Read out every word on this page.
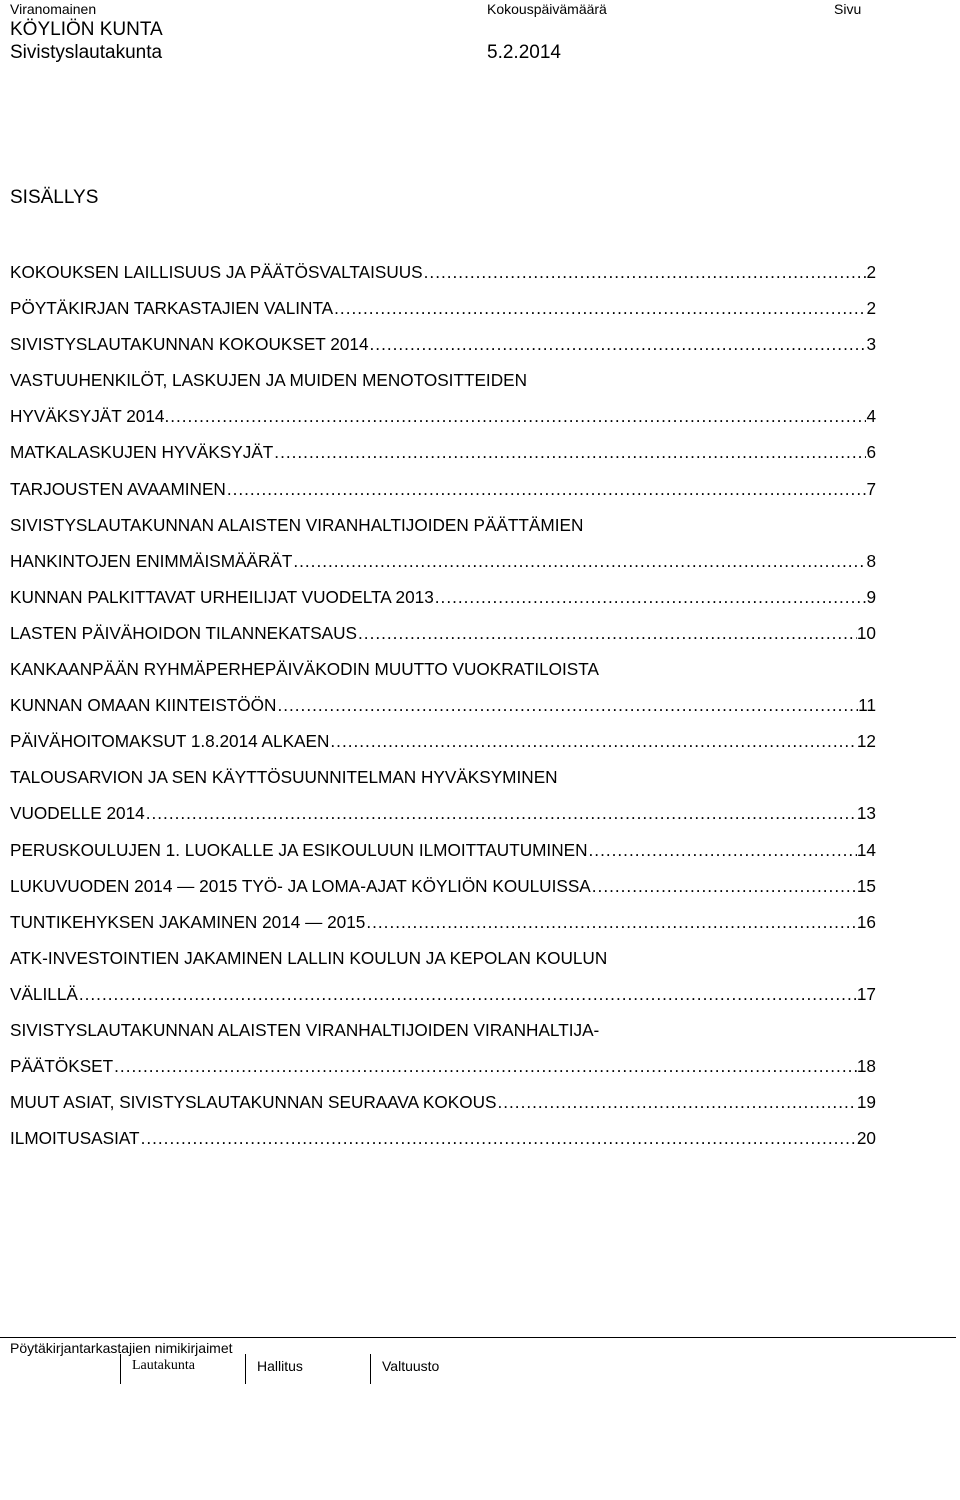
Viranomainen	Kokouspäivämäärä	Sivu
KÖYLIÖN KUNTA
Sivistyslautakunta	5.2.2014
SISÄLLYS
KOKOUKSEN LAILLISUUS JA PÄÄTÖSVALTAISUUS .....	2
PÖYTÄKIRJAN TARKASTAJIEN VALINTA .....	2
SIVISTYSLAUTAKUNNAN KOKOUKSET 2014 .....	3
VASTUUHENKILÖT, LASKUJEN JA MUIDEN MENOTOSITTEIDEN
HYVÄKSYJÄT 2014. .....	4
MATKALASKUJEN HYVÄKSYJÄT .....	6
TARJOUSTEN AVAAMINEN .....	7
SIVISTYSLAUTAKUNNAN ALAISTEN VIRANHALTIJOIDEN PÄÄTTÄMIEN
HANKINTOJEN ENIMMÄISMÄÄRÄT .....	8
KUNNAN PALKITTAVAT URHEILIJAT VUODELTA 2013 .....	9
LASTEN PÄIVÄHOIDON TILANNEKATSAUS .....	10
KANKAANPÄÄN RYHMÄPERHEPÄIVÄKODIN MUUTTO VUOKRATILOISTA
KUNNAN OMAAN KIINTEISTÖÖN .....	11
PÄIVÄHOITOMAKSUT 1.8.2014 ALKAEN .....	12
TALOUSARVION JA SEN KÄYTTÖSUUNNITELMAN HYVÄKSYMINEN
VUODELLE 2014 .....	13
PERUSKOULUJEN 1. LUOKALLE JA ESIKOULUUN ILMOITTAUTUMINEN .....	14
LUKUVUODEN 2014 — 2015 TYÖ- JA LOMA-AJAT KÖYLIÖN KOULUISSA .....	15
TUNTIKEHYKSEN JAKAMINEN 2014 — 2015 .....	16
ATK-INVESTOINTIEN JAKAMINEN LALLIN KOULUN JA KEPOLAN KOULUN
VÄLILLÄ .....	17
SIVISTYSLAUTAKUNNAN ALAISTEN VIRANHALTIJOIDEN VIRANHALTIJA-
PÄÄTÖKSET .....	18
MUUT ASIAT, SIVISTYSLAUTAKUNNAN SEURAAVA KOKOUS .....	19
ILMOITUSASIAT .....	20
Pöytäkirjantarkastajien nimikirjaimet
Lautakunta	Hallitus	Valtuusto
